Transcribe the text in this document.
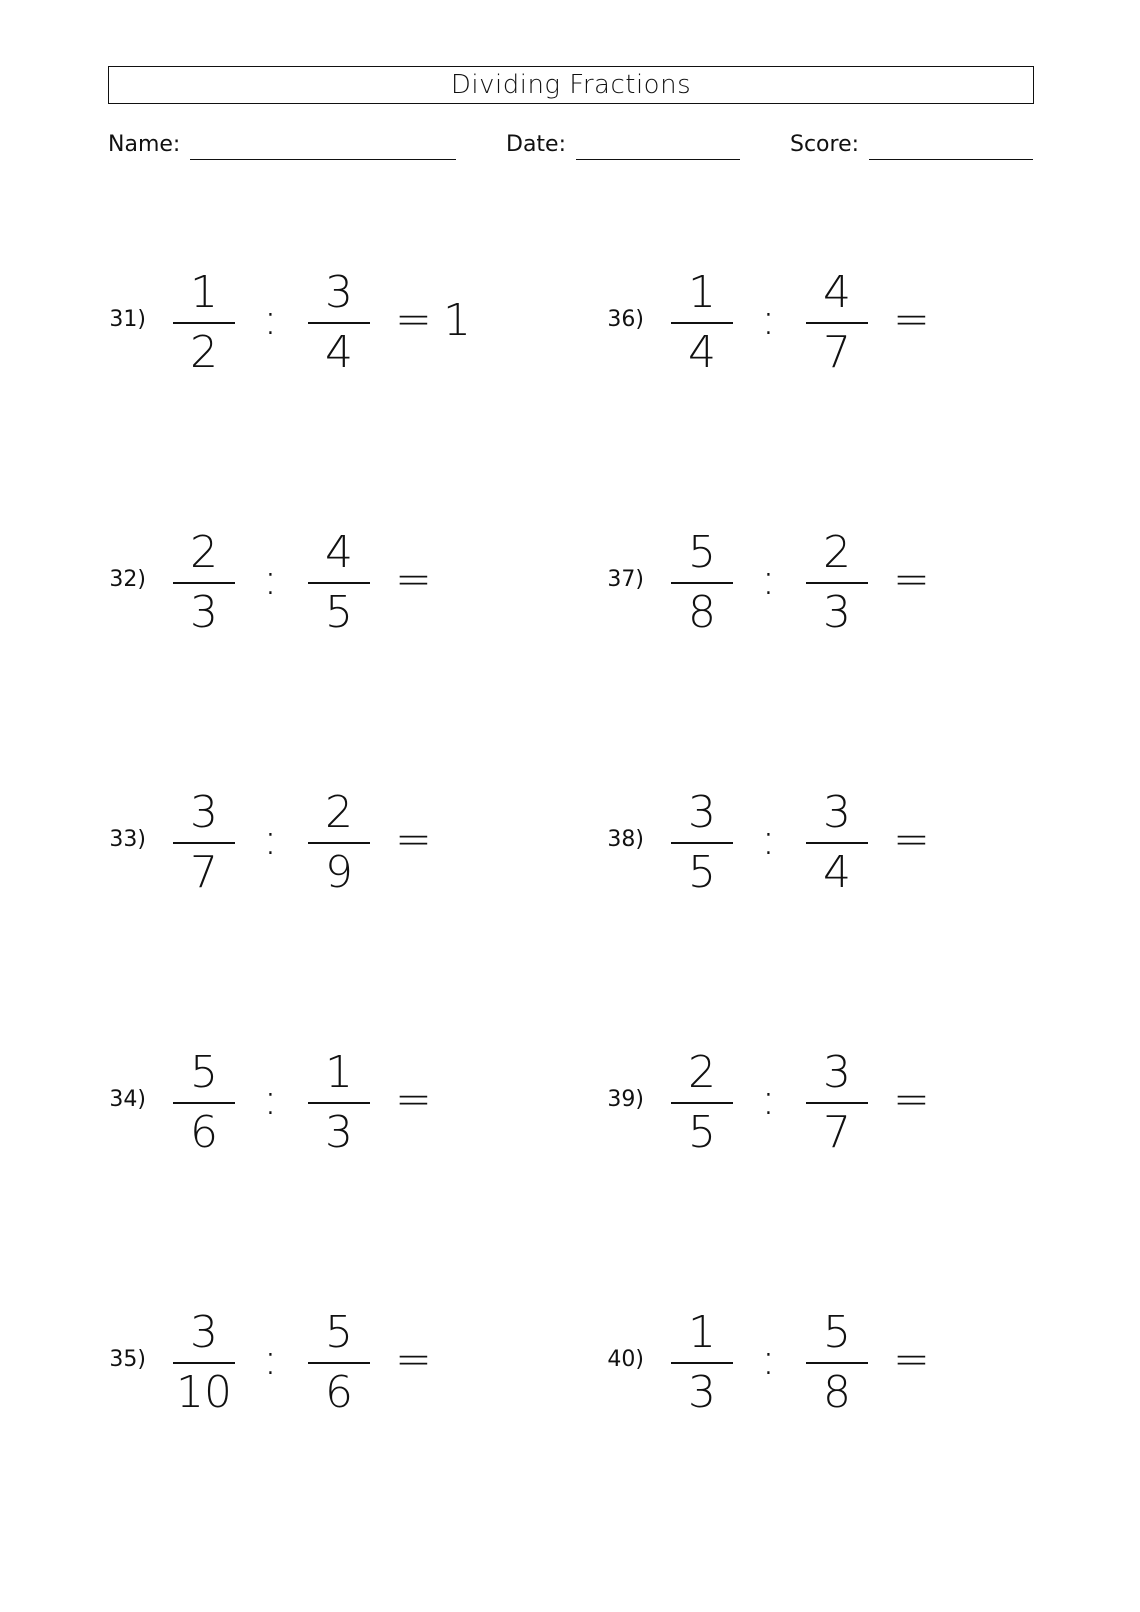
Dividing Fractions
Name:	Date:	Score:
31)
1
2
:
3
4
= 1
32)
2
3
:
4
5
=
33)
3
7
:
2
9
=
34)
5
6
:
1
3
=
35)
3
10
:
5
6
=
36)
1
4
:
4
7
=
37)
5
8
:
2
3
=
38)
3
5
:
3
4
=
39)
2
5
:
3
7
=
40)
1
3
:
5
8
=
